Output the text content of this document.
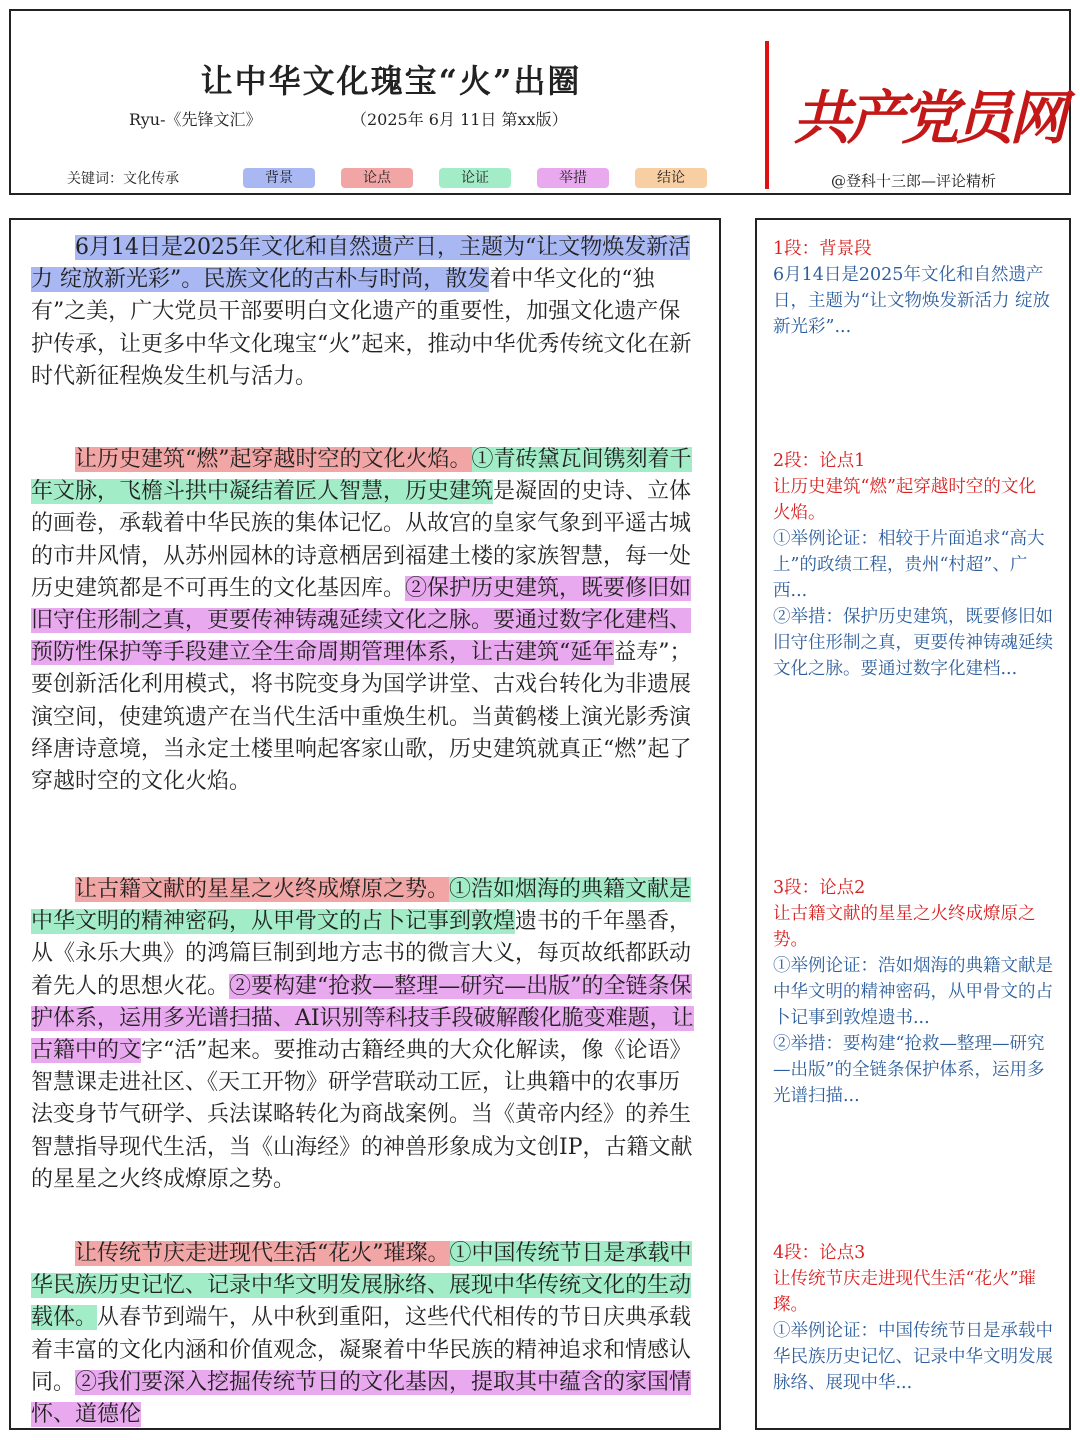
让中华文化瑰宝“火”出圈
Ryu-《先锋文汇》	（2025年 6月 11日 第xx版）
关键词：文化传承	背景	论点	论证	举措	结论
共产党员网
@登科十三郎—评论精析

6月14日是2025年文化和自然遗产日，主题为“让文物焕发新活力 绽放新光彩”。民族文化的古朴与时尚，散发着中华文化的“独有”之美，广大党员干部要明白文化遗产的重要性，加强文化遗产保护传承，让更多中华文化瑰宝“火”起来，推动中华优秀传统文化在新时代新征程焕发生机与活力。

让历史建筑“燃”起穿越时空的文化火焰。①青砖黛瓦间镌刻着千年文脉，飞檐斗拱中凝结着匠人智慧，历史建筑是凝固的史诗、立体的画卷，承载着中华民族的集体记忆。从故宫的皇家气象到平遥古城的市井风情，从苏州园林的诗意栖居到福建土楼的家族智慧，每一处历史建筑都是不可再生的文化基因库。②保护历史建筑，既要修旧如旧守住形制之真，更要传神铸魂延续文化之脉。要通过数字化建档、预防性保护等手段建立全生命周期管理体系，让古建筑“延年益寿”；要创新活化利用模式，将书院变身为国学讲堂、古戏台转化为非遗展演空间，使建筑遗产在当代生活中重焕生机。当黄鹤楼上演光影秀演绎唐诗意境，当永定土楼里响起客家山歌，历史建筑就真正“燃”起了穿越时空的文化火焰。

让古籍文献的星星之火终成燎原之势。①浩如烟海的典籍文献是中华文明的精神密码，从甲骨文的占卜记事到敦煌遗书的千年墨香，从《永乐大典》的鸿篇巨制到地方志书的微言大义，每页故纸都跃动着先人的思想火花。②要构建“抢救—整理—研究—出版”的全链条保护体系，运用多光谱扫描、AI识别等科技手段破解酸化脆变难题，让古籍中的文字“活”起来。要推动古籍经典的大众化解读，像《论语》智慧课走进社区、《天工开物》研学营联动工匠，让典籍中的农事历法变身节气研学、兵法谋略转化为商战案例。当《黄帝内经》的养生智慧指导现代生活，当《山海经》的神兽形象成为文创IP，古籍文献的星星之火终成燎原之势。

让传统节庆走进现代生活“花火”璀璨。①中国传统节日是承载中华民族历史记忆、记录中华文明发展脉络、展现中华传统文化的生动载体。从春节到端午，从中秋到重阳，这些代代相传的节日庆典承载着丰富的文化内涵和价值观念，凝聚着中华民族的精神追求和情感认同。②我们要深入挖掘传统节日的文化基因，提取其中蕴含的家国情怀、道德伦

1段：背景段
6月14日是2025年文化和自然遗产日，主题为“让文物焕发新活力 绽放新光彩”...
2段：论点1
让历史建筑“燃”起穿越时空的文化火焰。
①举例论证：相较于片面追求“高大上”的政绩工程，贵州“村超”、广西...
②举措：保护历史建筑，既要修旧如旧守住形制之真，更要传神铸魂延续文化之脉。要通过数字化建档...
3段：论点2
让古籍文献的星星之火终成燎原之势。
①举例论证：浩如烟海的典籍文献是中华文明的精神密码，从甲骨文的占卜记事到敦煌遗书...
②举措：要构建“抢救—整理—研究—出版”的全链条保护体系，运用多光谱扫描...
4段：论点3
让传统节庆走进现代生活“花火”璀璨。
①举例论证：中国传统节日是承载中华民族历史记忆、记录中华文明发展脉络、展现中华...
